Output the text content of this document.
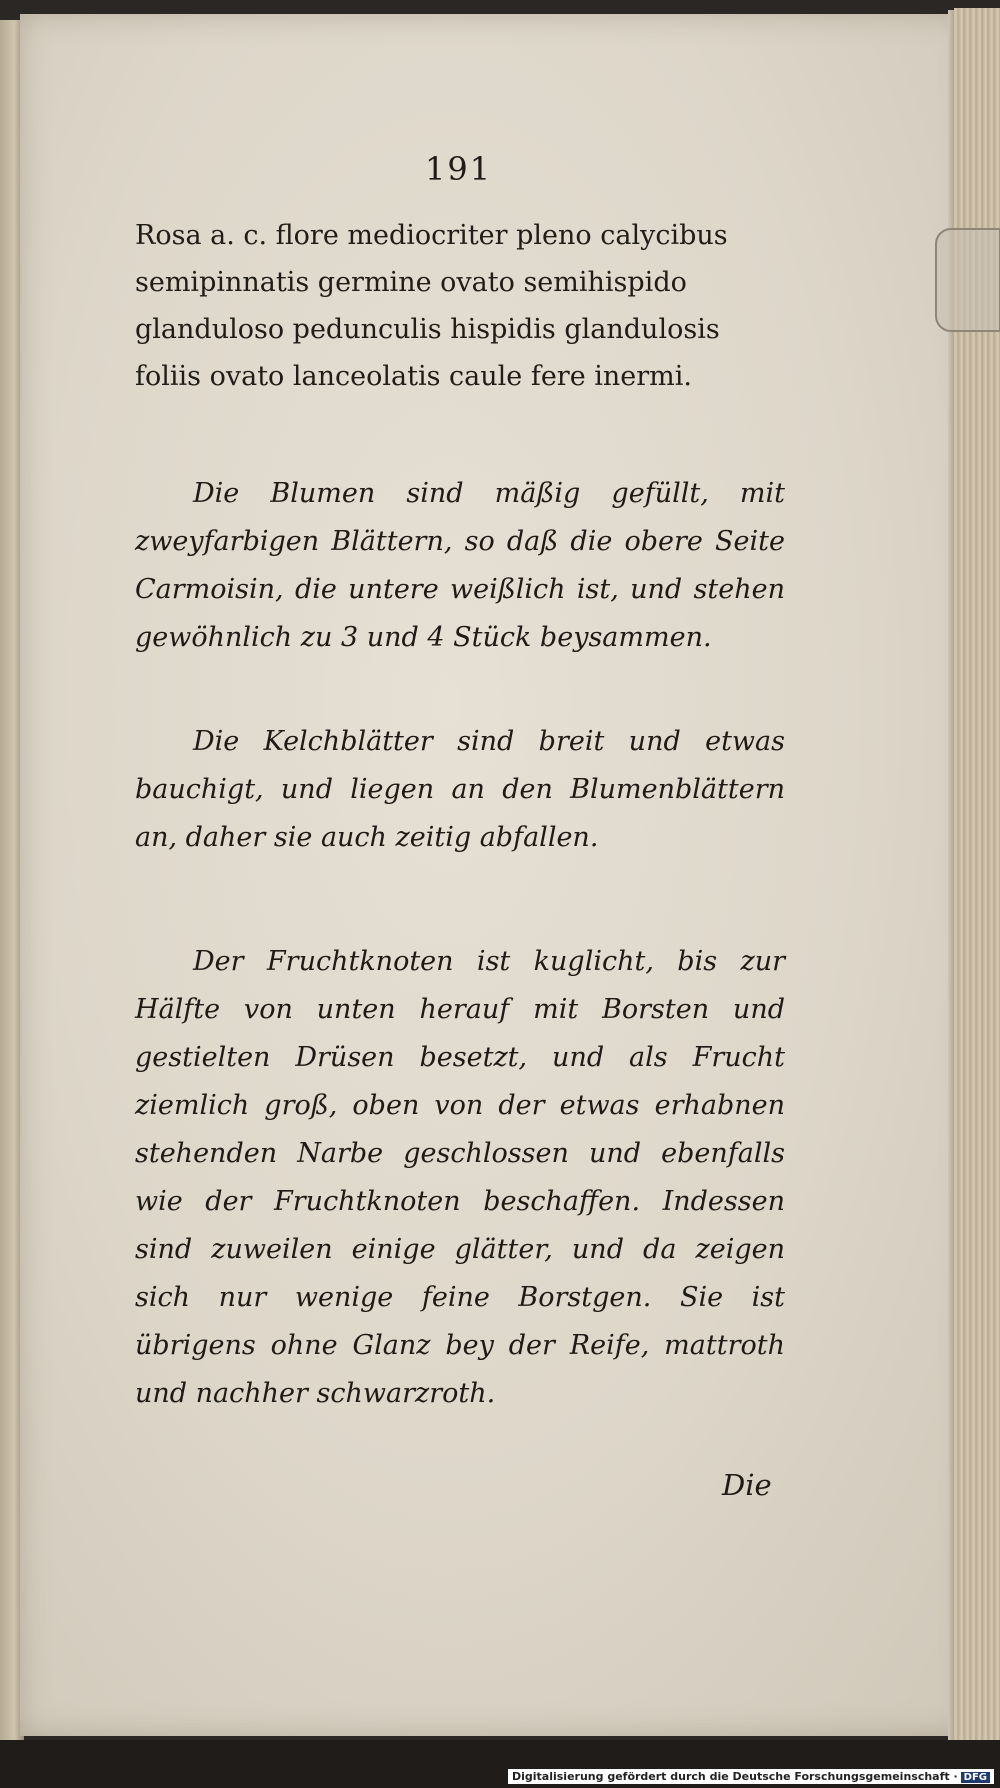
191
Rosa a. c. flore mediocriter pleno calycibus semipinnatis germine ovato semihispido glanduloso pedunculis hispidis glandulosis foliis ovato lanceolatis caule fere inermi.
Die Blumen sind mäßig gefüllt, mit zweyfarbigen Blättern, so daß die obere Seite Carmoisin, die untere weißlich ist, und stehen gewöhnlich zu 3 und 4 Stück beysammen.
Die Kelchblätter sind breit und etwas bauchigt, und liegen an den Blumenblättern an, daher sie auch zeitig abfallen.
Der Fruchtknoten ist kuglicht, bis zur Hälfte von unten herauf mit Borsten und gestielten Drüsen besetzt, und als Frucht ziemlich groß, oben von der etwas erhabnen stehenden Narbe geschlossen und ebenfalls wie der Fruchtknoten beschaffen. Indessen sind zuweilen einige glätter, und da zeigen sich nur wenige feine Borstgen. Sie ist übrigens ohne Glanz bey der Reife, mattroth und nachher schwarzroth.
Die
Digitalisierung gefördert durch die Deutsche Forschungsgemeinschaft · DFG
